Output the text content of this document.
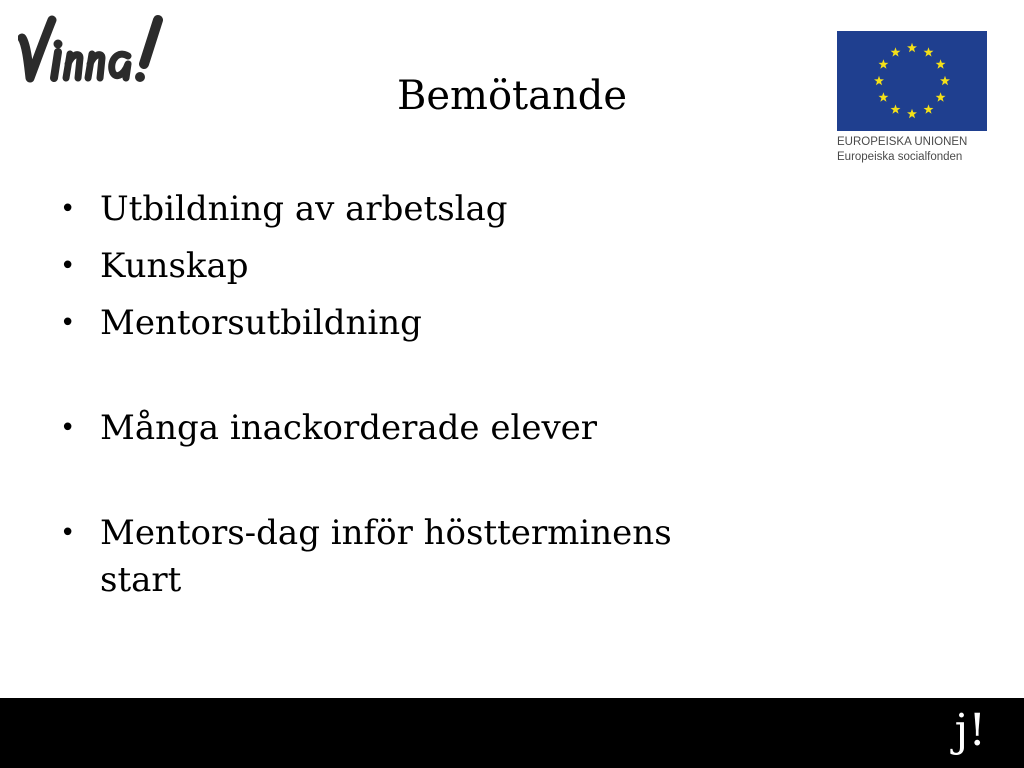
Bemötande
EUROPEISKA UNIONEN
Europeiska socialfonden
• Utbildning av arbetslag
• Kunskap
• Mentorsutbildning
• Många inackorderade elever
• Mentors-dag inför höstterminens start
j!
